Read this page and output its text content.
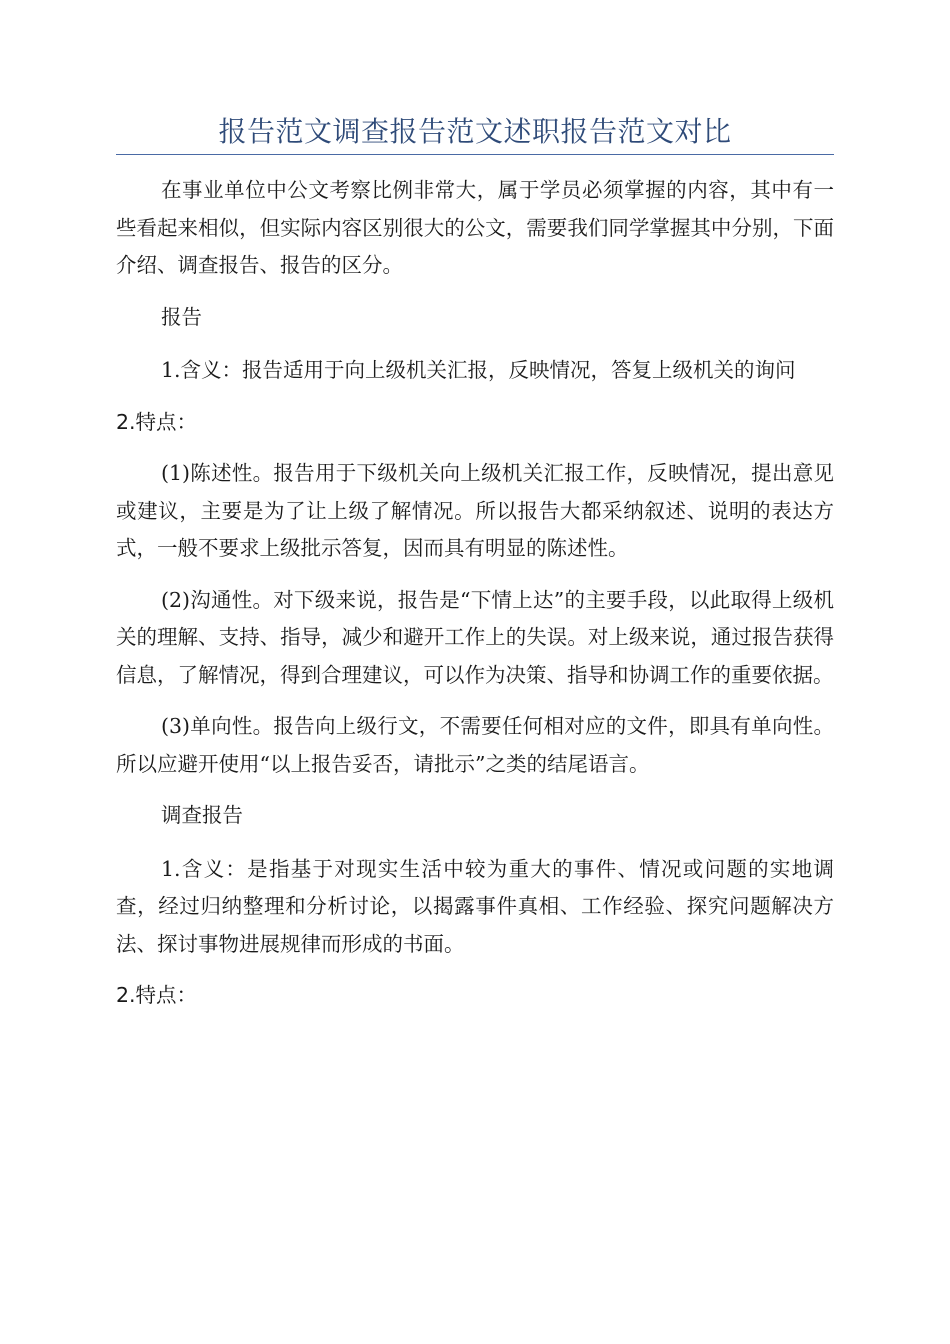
报告范文调查报告范文述职报告范文对比

在事业单位中公文考察比例非常大，属于学员必须掌握的内容，其中有一些看起来相似，但实际内容区别很大的公文，需要我们同学掌握其中分别，下面介绍、调查报告、报告的区分。

报告

1.含义：报告适用于向上级机关汇报，反映情况，答复上级机关的询问

2.特点：

(1)陈述性。报告用于下级机关向上级机关汇报工作，反映情况，提出意见或建议，主要是为了让上级了解情况。所以报告大都采纳叙述、说明的表达方式，一般不要求上级批示答复，因而具有明显的陈述性。

(2)沟通性。对下级来说，报告是“下情上达”的主要手段，以此取得上级机关的理解、支持、指导，减少和避开工作上的失误。对上级来说，通过报告获得信息，了解情况，得到合理建议，可以作为决策、指导和协调工作的重要依据。

(3)单向性。报告向上级行文，不需要任何相对应的文件，即具有单向性。所以应避开使用“以上报告妥否，请批示”之类的结尾语言。

调查报告

1.含义：是指基于对现实生活中较为重大的事件、情况或问题的实地调查，经过归纳整理和分析讨论，以揭露事件真相、工作经验、探究问题解决方法、探讨事物进展规律而形成的书面。

2.特点：
